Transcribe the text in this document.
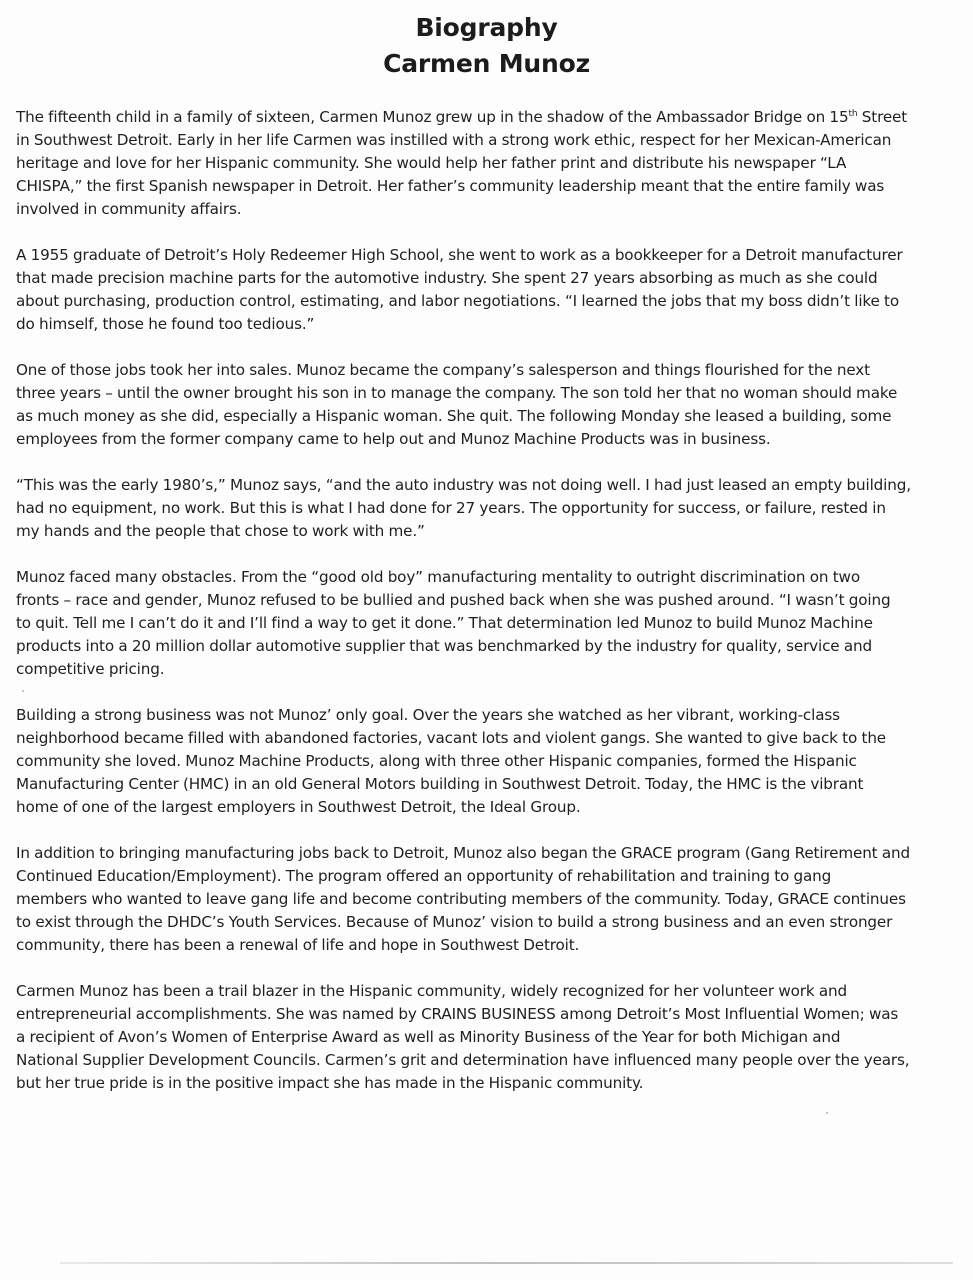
Biography
Carmen Munoz

The fifteenth child in a family of sixteen, Carmen Munoz grew up in the shadow of the Ambassador Bridge on 15th Street
in Southwest Detroit. Early in her life Carmen was instilled with a strong work ethic, respect for her Mexican-American
heritage and love for her Hispanic community. She would help her father print and distribute his newspaper “LA
CHISPA,” the first Spanish newspaper in Detroit. Her father’s community leadership meant that the entire family was
involved in community affairs.

A 1955 graduate of Detroit’s Holy Redeemer High School, she went to work as a bookkeeper for a Detroit manufacturer
that made precision machine parts for the automotive industry. She spent 27 years absorbing as much as she could
about purchasing, production control, estimating, and labor negotiations. “I learned the jobs that my boss didn’t like to
do himself, those he found too tedious.”

One of those jobs took her into sales. Munoz became the company’s salesperson and things flourished for the next
three years – until the owner brought his son in to manage the company. The son told her that no woman should make
as much money as she did, especially a Hispanic woman. She quit. The following Monday she leased a building, some
employees from the former company came to help out and Munoz Machine Products was in business.

“This was the early 1980’s,” Munoz says, “and the auto industry was not doing well. I had just leased an empty building,
had no equipment, no work. But this is what I had done for 27 years. The opportunity for success, or failure, rested in
my hands and the people that chose to work with me.”

Munoz faced many obstacles. From the “good old boy” manufacturing mentality to outright discrimination on two
fronts – race and gender, Munoz refused to be bullied and pushed back when she was pushed around. “I wasn’t going
to quit. Tell me I can’t do it and I’ll find a way to get it done.” That determination led Munoz to build Munoz Machine
products into a 20 million dollar automotive supplier that was benchmarked by the industry for quality, service and
competitive pricing.

Building a strong business was not Munoz’ only goal. Over the years she watched as her vibrant, working-class
neighborhood became filled with abandoned factories, vacant lots and violent gangs. She wanted to give back to the
community she loved. Munoz Machine Products, along with three other Hispanic companies, formed the Hispanic
Manufacturing Center (HMC) in an old General Motors building in Southwest Detroit. Today, the HMC is the vibrant
home of one of the largest employers in Southwest Detroit, the Ideal Group.

In addition to bringing manufacturing jobs back to Detroit, Munoz also began the GRACE program (Gang Retirement and
Continued Education/Employment). The program offered an opportunity of rehabilitation and training to gang
members who wanted to leave gang life and become contributing members of the community. Today, GRACE continues
to exist through the DHDC’s Youth Services. Because of Munoz’ vision to build a strong business and an even stronger
community, there has been a renewal of life and hope in Southwest Detroit.

Carmen Munoz has been a trail blazer in the Hispanic community, widely recognized for her volunteer work and
entrepreneurial accomplishments. She was named by CRAINS BUSINESS among Detroit’s Most Influential Women; was
a recipient of Avon’s Women of Enterprise Award as well as Minority Business of the Year for both Michigan and
National Supplier Development Councils. Carmen’s grit and determination have influenced many people over the years,
but her true pride is in the positive impact she has made in the Hispanic community.
